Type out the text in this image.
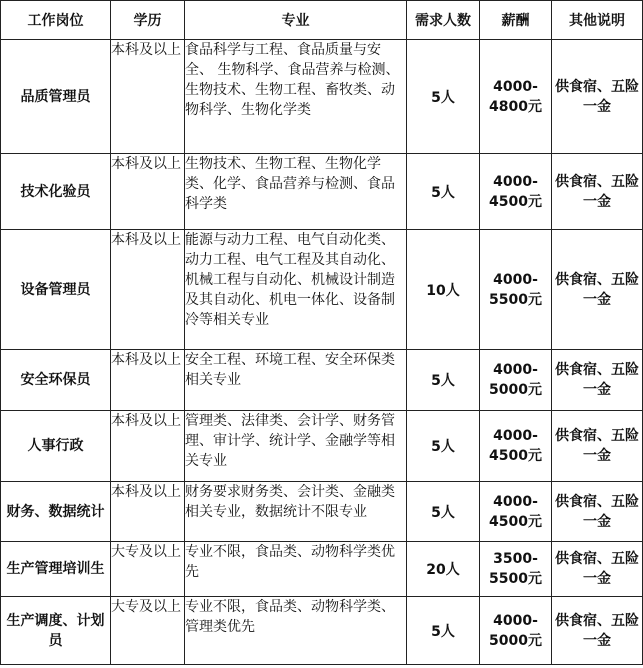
工作岗位	学历	专业	需求人数	薪酬	其他说明
品质管理员	本科及以上	食品科学与工程、食品质量与安全、 生物科学、食品营养与检测、生物技术、生物工程、畜牧类、动物科学、生物化学类	5人	4000-4800元	供食宿、五险一金
技术化验员	本科及以上	生物技术、生物工程、生物化学类、化学、食品营养与检测、食品科学类	5人	4000-4500元	供食宿、五险一金
设备管理员	本科及以上	能源与动力工程、电气自动化类、动力工程、电气工程及其自动化、机械工程与自动化、机械设计制造及其自动化、机电一体化、设备制冷等相关专业	10人	4000-5500元	供食宿、五险一金
安全环保员	本科及以上	安全工程、环境工程、安全环保类相关专业	5人	4000-5000元	供食宿、五险一金
人事行政	本科及以上	管理类、法律类、会计学、财务管理、审计学、统计学、金融学等相关专业	5人	4000-4500元	供食宿、五险一金
财务、数据统计	本科及以上	财务要求财务类、会计类、金融类相关专业，数据统计不限专业	5人	4000-4500元	供食宿、五险一金
生产管理培训生	大专及以上	专业不限，食品类、动物科学类优先	20人	3500-5500元	供食宿、五险一金
生产调度、计划员	大专及以上	专业不限，食品类、动物科学类、管理类优先	5人	4000-5000元	供食宿、五险一金
